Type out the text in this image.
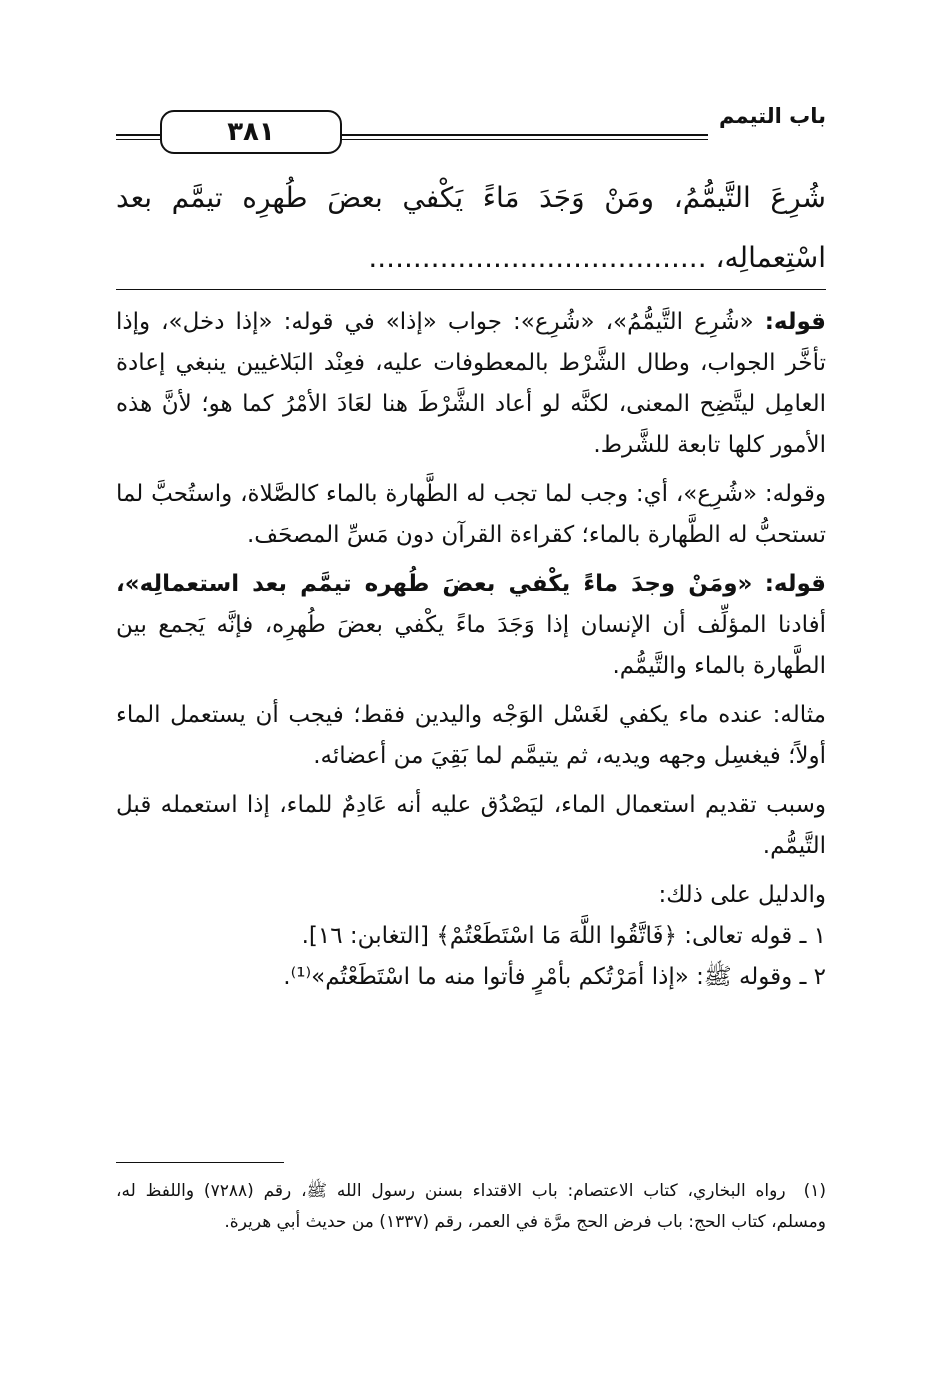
باب التيمم
٣٨١

شُرِعَ التَّيمُّمُ، ومَنْ وَجَدَ مَاءً يَكْفي بعضَ طُهرِه تيمَّم بعد

اسْتِعمالِه، ......................................

قوله: «شُرِع التَّيمُّمُ»، «شُرِع»: جواب «إذا» في قوله: «إذا دخل»، وإذا تأخَّر الجواب، وطال الشَّرْط بالمعطوفات عليه، فعِنْد البَلاغيين ينبغي إعادة العامِل ليتَّضِح المعنى، لكنَّه لو أعاد الشَّرْطَ هنا لعَادَ الأمْرُ كما هو؛ لأنَّ هذه الأمور كلها تابعة للشَّرط.

وقوله: «شُرِع»، أي: وجب لما تجب له الطَّهارة بالماء كالصَّلاة، واستُحبَّ لما تستحبُّ له الطَّهارة بالماء؛ كقراءة القرآن دون مَسِّ المصحَف.

قوله: «ومَنْ وجدَ ماءً يكْفي بعضَ طُهره تيمَّم بعد استعمالِه»، أفادنا المؤلِّف أن الإنسان إذا وَجَدَ ماءً يكْفي بعضَ طُهرِه، فإنَّه يَجمع بين الطَّهارة بالماء والتَّيمُّم.

مثاله: عنده ماء يكفي لغَسْل الوَجْه واليدين فقط؛ فيجب أن يستعمل الماء أولاً؛ فيغسِل وجهه ويديه، ثم يتيمَّم لما بَقِيَ من أعضائه.

وسبب تقديم استعمال الماء، ليَصْدُق عليه أنه عَادِمٌ للماء، إذا استعمله قبل التَّيمُّم.

والدليل على ذلك:

١ ـ قوله تعالى: ﴿فَاتَّقُوا اللَّهَ مَا اسْتَطَعْتُمْ﴾ [التغابن: ١٦].

٢ ـ وقوله ﷺ: «إذا أمَرْتُكم بأمْرٍ فأتوا منه ما اسْتَطَعْتُم»⁽¹⁾.

(١)رواه البخاري، كتاب الاعتصام: باب الاقتداء بسنن رسول الله ﷺ، رقم (٧٢٨٨) واللفظ له، ومسلم، كتاب الحج: باب فرض الحج مرَّة في العمر، رقم (١٣٣٧) من حديث أبي هريرة.
